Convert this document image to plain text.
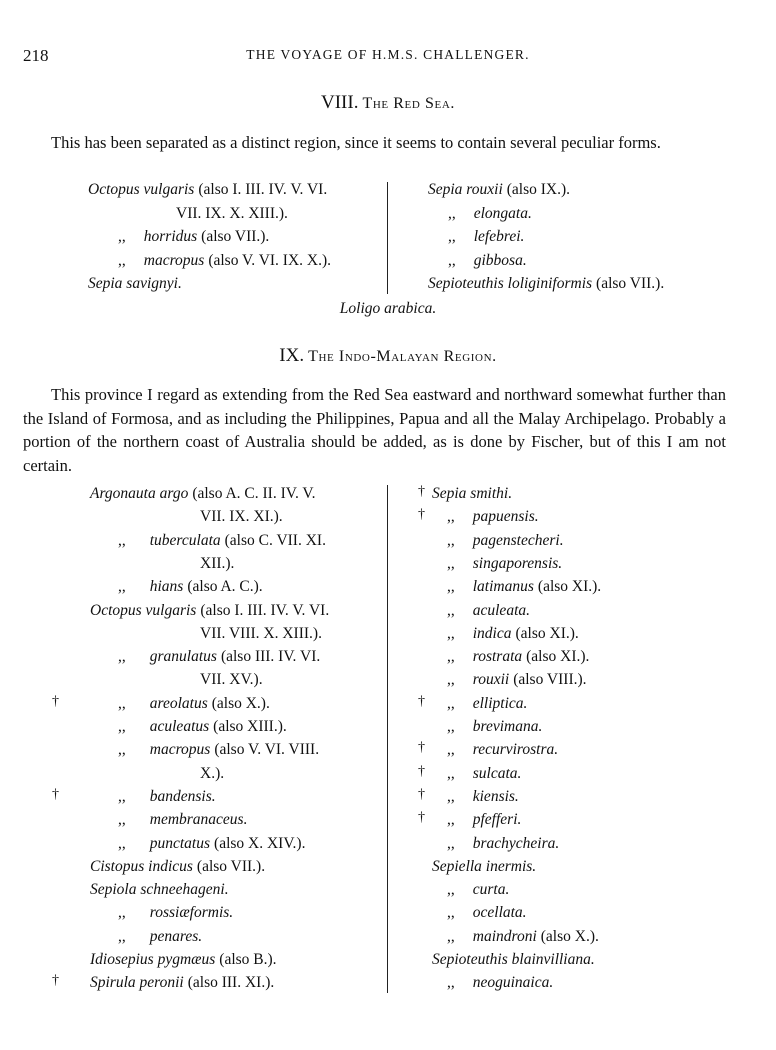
218	THE VOYAGE OF H.M.S. CHALLENGER.
VIII. The Red Sea.
This has been separated as a distinct region, since it seems to contain several peculiar forms.
Octopus vulgaris (also I. III. IV. V. VI.
VII. IX. X. XIII.).
,, horridus (also VII.).
,, macropus (also V. VI. IX. X.).
Sepia savignyi.
Sepia rouxii (also IX.).
,, elongata.
,, lefebrei.
,, gibbosa.
Sepioteuthis loliginiformis (also VII.).
Loligo arabica.
IX. The Indo-Malayan Region.
This province I regard as extending from the Red Sea eastward and northward somewhat further than the Island of Formosa, and as including the Philippines, Papua and all the Malay Archipelago. Probably a portion of the northern coast of Australia should be added, as is done by Fischer, but of this I am not certain.
Argonauta argo (also A. C. II. IV. V.
VII. IX. XI.).
,, tuberculata (also C. VII. XI.
XII.).
,, hians (also A. C.).
Octopus vulgaris (also I. III. IV. V. VI.
VII. VIII. X. XIII.).
,, granulatus (also III. IV. VI.
VII. XV.).
†	,, areolatus (also X.).
,, aculeatus (also XIII.).
,, macropus (also V. VI. VIII.
X.).
†	,, bandensis.
,, membranaceus.
,, punctatus (also X. XIV.).
Cistopus indicus (also VII.).
Sepiola schneehageni.
,, rossiæformis.
,, penares.
Idiosepius pygmæus (also B.).
† Spirula peronii (also III. XI.).
† Sepia smithi.
† ,, papuensis.
,, pagenstecheri.
,, singaporensis.
,, latimanus (also XI.).
,, aculeata.
,, indica (also XI.).
,, rostrata (also XI.).
,, rouxii (also VIII.).
† ,, elliptica.
,, brevimana.
† ,, recurvirostra.
† ,, sulcata.
† ,, kiensis.
† ,, pfefferi.
,, brachycheira.
Sepiella inermis.
,, curta.
,, ocellata.
,, maindroni (also X.).
Sepioteuthis blainvilliana.
,, neoguinaica.
